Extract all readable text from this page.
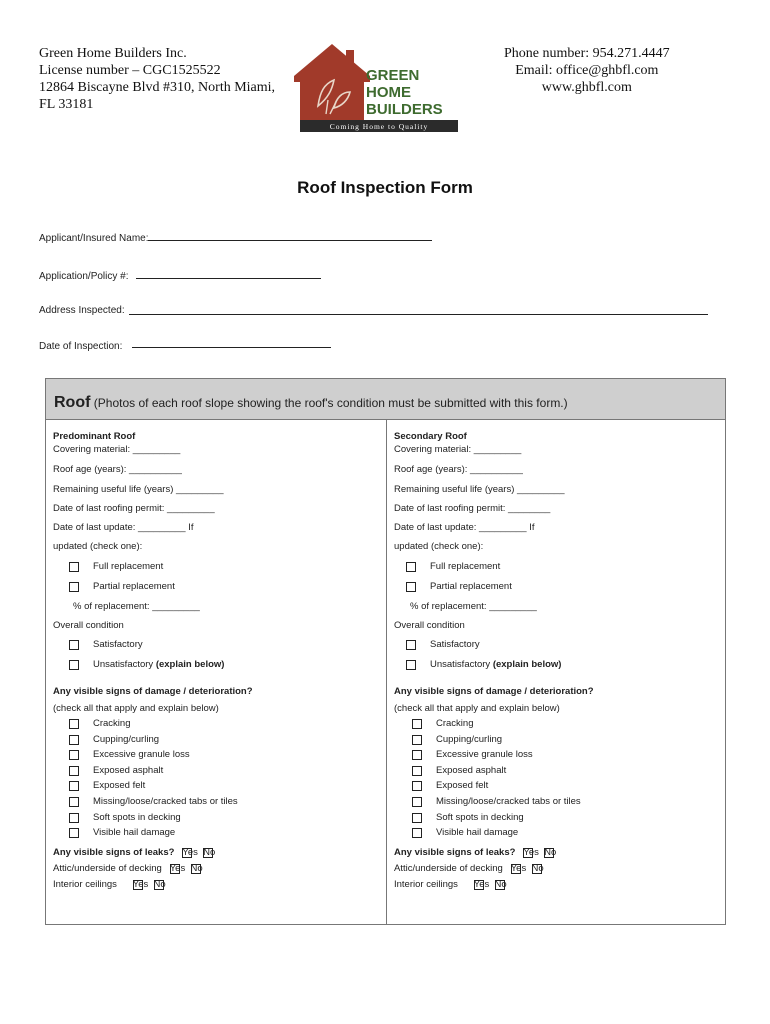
Green Home Builders Inc.
License number – CGC1525522
12864 Biscayne Blvd #310, North Miami,
FL 33181
GREEN
HOME
BUILDERS
Coming Home to Quality
Phone number: 954.271.4447
Email: office@ghbfl.com
www.ghbfl.com
Roof Inspection Form
Applicant/Insured Name:
Application/Policy #:
Address Inspected:
Date of Inspection:
Roof (Photos of each roof slope showing the roof's condition must be submitted with this form.)
Predominant Roof
Covering material: _________
Roof age (years): __________
Remaining useful life (years) _________
Date of last roofing permit: _________
Date of last update: _________ If
updated (check one):
Full replacement
Partial replacement
% of replacement: _________
Overall condition
Satisfactory
Unsatisfactory (explain below)
Any visible signs of damage / deterioration?
(check all that apply and explain below)
Cracking
Cupping/curling
Excessive granule loss
Exposed asphalt
Exposed felt
Missing/loose/cracked tabs or tiles
Soft spots in decking
Visible hail damage
Any visible signs of leaks? Yes No
Attic/underside of decking Yes No
Interior ceilings Yes No
Secondary Roof
Covering material: _________
Roof age (years): __________
Remaining useful life (years) _________
Date of last roofing permit: ________
Date of last update: _________ If
updated (check one):
Full replacement
Partial replacement
% of replacement: _________
Overall condition
Satisfactory
Unsatisfactory (explain below)
Any visible signs of damage / deterioration?
(check all that apply and explain below)
Cracking
Cupping/curling
Excessive granule loss
Exposed asphalt
Exposed felt
Missing/loose/cracked tabs or tiles
Soft spots in decking
Visible hail damage
Any visible signs of leaks? Yes No
Attic/underside of decking Yes No
Interior ceilings Yes No
